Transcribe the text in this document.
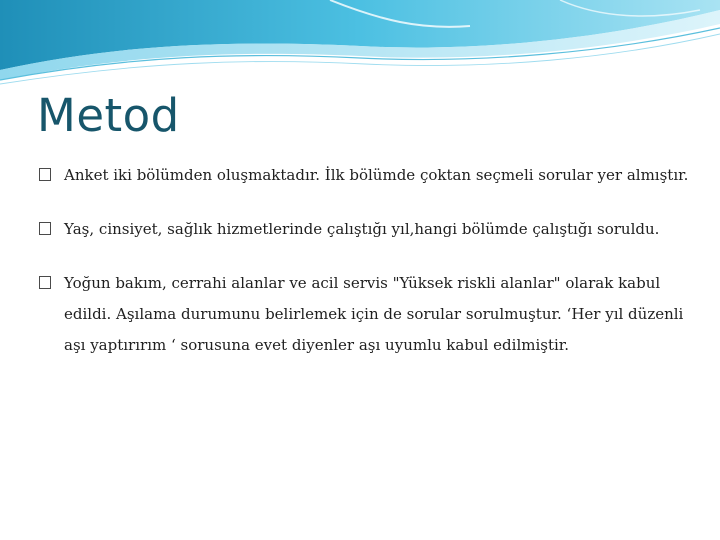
Metod
Anket iki bölümden oluşmaktadır. İlk bölümde çoktan seçmeli sorular yer almıştır.
Yaş, cinsiyet, sağlık hizmetlerinde çalıştığı yıl,hangi bölümde çalıştığı soruldu.
Yoğun bakım, cerrahi alanlar ve acil servis "Yüksek riskli alanlar" olarak kabul edildi. Aşılama durumunu belirlemek için de sorular sorulmuştur. ‘Her yıl düzenli aşı yaptırırım ‘ sorusuna evet diyenler aşı uyumlu kabul edilmiştir.
